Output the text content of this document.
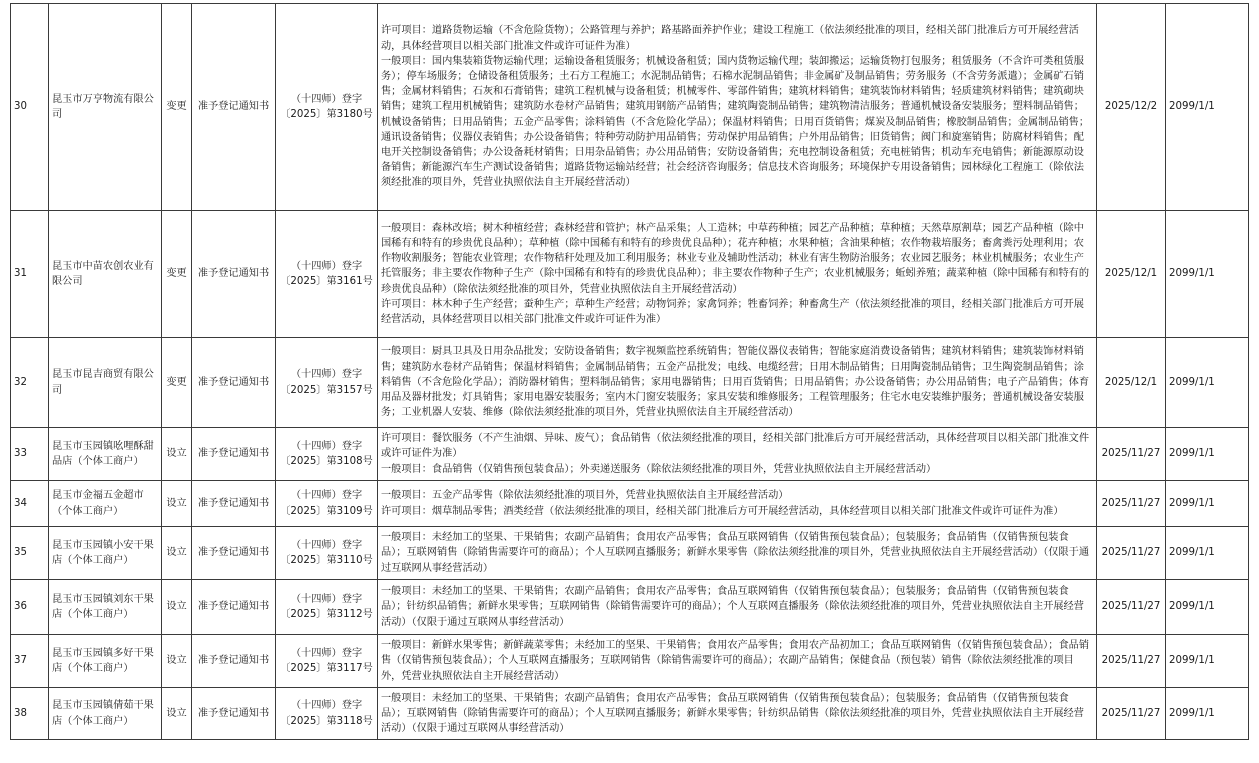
30	昆玉市万亨物流有限公司	变更	准予登记通知书	（十四师）登字〔2025〕第3180号	许可项目：道路货物运输（不含危险货物）；公路管理与养护；路基路面养护作业；建设工程施工（依法须经批准的项目，经相关部门批准后方可开展经营活动，具体经营项目以相关部门批准文件或许可证件为准）
一般项目：国内集装箱货物运输代理；运输设备租赁服务；机械设备租赁；国内货物运输代理；装卸搬运；运输货物打包服务；租赁服务（不含许可类租赁服务）；停车场服务；仓储设备租赁服务；土石方工程施工；水泥制品销售；石棉水泥制品销售；非金属矿及制品销售；劳务服务（不含劳务派遣）；金属矿石销售；金属材料销售；石灰和石膏销售；建筑工程机械与设备租赁；机械零件、零部件销售；建筑材料销售；建筑装饰材料销售；轻质建筑材料销售；建筑砌块销售；建筑工程用机械销售；建筑防水卷材产品销售；建筑用钢筋产品销售；建筑陶瓷制品销售；建筑物清洁服务；普通机械设备安装服务；塑料制品销售；机械设备销售；日用品销售；五金产品零售；涂料销售（不含危险化学品）；保温材料销售；日用百货销售；煤炭及制品销售；橡胶制品销售；金属制品销售；通讯设备销售；仪器仪表销售；办公设备销售；特种劳动防护用品销售；劳动保护用品销售；户外用品销售；旧货销售；阀门和旋塞销售；防腐材料销售；配电开关控制设备销售；办公设备耗材销售；日用杂品销售；办公用品销售；安防设备销售；充电控制设备租赁；充电桩销售；机动车充电销售；新能源原动设备销售；新能源汽车生产测试设备销售；道路货物运输站经营；社会经济咨询服务；信息技术咨询服务；环境保护专用设备销售；园林绿化工程施工（除依法须经批准的项目外，凭营业执照依法自主开展经营活动）	2025/12/2	2099/1/1
31	昆玉市中苗农创农业有限公司	变更	准予登记通知书	（十四师）登字〔2025〕第3161号	一般项目：森林改培；树木种植经营；森林经营和管护；林产品采集；人工造林；中草药种植；园艺产品种植；草种植；天然草原割草；园艺产品种植（除中国稀有和特有的珍贵优良品种）；草种植（除中国稀有和特有的珍贵优良品种）；花卉种植；水果种植；含油果种植；农作物栽培服务；畜禽粪污处理利用；农作物收割服务；智能农业管理；农作物秸秆处理及加工利用服务；林业专业及辅助性活动；林业有害生物防治服务；农业园艺服务；林业机械服务；农业生产托管服务；非主要农作物种子生产（除中国稀有和特有的珍贵优良品种）；非主要农作物种子生产；农业机械服务；蚯蚓养殖；蔬菜种植（除中国稀有和特有的珍贵优良品种）（除依法须经批准的项目外，凭营业执照依法自主开展经营活动）
许可项目：林木种子生产经营；蚕种生产；草种生产经营；动物饲养；家禽饲养；牲畜饲养；种畜禽生产（依法须经批准的项目，经相关部门批准后方可开展经营活动，具体经营项目以相关部门批准文件或许可证件为准）	2025/12/1	2099/1/1
32	昆玉市昆吉商贸有限公司	变更	准予登记通知书	（十四师）登字〔2025〕第3157号	一般项目：厨具卫具及日用杂品批发；安防设备销售；数字视频监控系统销售；智能仪器仪表销售；智能家庭消费设备销售；建筑材料销售；建筑装饰材料销售；建筑防水卷材产品销售；保温材料销售；金属制品销售；五金产品批发；电线、电缆经营；日用木制品销售；日用陶瓷制品销售；卫生陶瓷制品销售；涂料销售（不含危险化学品）；消防器材销售；塑料制品销售；家用电器销售；日用百货销售；日用品销售；办公设备销售；办公用品销售；电子产品销售；体育用品及器材批发；灯具销售；家用电器安装服务；室内木门窗安装服务；家具安装和维修服务；工程管理服务；住宅水电安装维护服务；普通机械设备安装服务；工业机器人安装、维修（除依法须经批准的项目外，凭营业执照依法自主开展经营活动）	2025/12/1	2099/1/1
33	昆玉市玉园镇吆哩酥甜品店（个体工商户）	设立	准予登记通知书	（十四师）登字〔2025〕第3108号	许可项目：餐饮服务（不产生油烟、异味、废气）；食品销售（依法须经批准的项目，经相关部门批准后方可开展经营活动，具体经营项目以相关部门批准文件或许可证件为准）
一般项目：食品销售（仅销售预包装食品）；外卖递送服务（除依法须经批准的项目外，凭营业执照依法自主开展经营活动）	2025/11/27	2099/1/1
34	昆玉市金福五金超市（个体工商户）	设立	准予登记通知书	（十四师）登字〔2025〕第3109号	一般项目：五金产品零售（除依法须经批准的项目外，凭营业执照依法自主开展经营活动）
许可项目：烟草制品零售；酒类经营（依法须经批准的项目，经相关部门批准后方可开展经营活动，具体经营项目以相关部门批准文件或许可证件为准）	2025/11/27	2099/1/1
35	昆玉市玉园镇小安干果店（个体工商户）	设立	准予登记通知书	（十四师）登字〔2025〕第3110号	一般项目：未经加工的坚果、干果销售；农副产品销售；食用农产品零售；食品互联网销售（仅销售预包装食品）；包装服务；食品销售（仅销售预包装食品）；互联网销售（除销售需要许可的商品）；个人互联网直播服务；新鲜水果零售（除依法须经批准的项目外，凭营业执照依法自主开展经营活动）（仅限于通过互联网从事经营活动）	2025/11/27	2099/1/1
36	昆玉市玉园镇刘东干果店（个体工商户）	设立	准予登记通知书	（十四师）登字〔2025〕第3112号	一般项目：未经加工的坚果、干果销售；农副产品销售；食用农产品零售；食品互联网销售（仅销售预包装食品）；包装服务；食品销售（仅销售预包装食品）；针纺织品销售；新鲜水果零售；互联网销售（除销售需要许可的商品）；个人互联网直播服务（除依法须经批准的项目外，凭营业执照依法自主开展经营活动）（仅限于通过互联网从事经营活动）	2025/11/27	2099/1/1
37	昆玉市玉园镇多好干果店（个体工商户）	设立	准予登记通知书	（十四师）登字〔2025〕第3117号	一般项目：新鲜水果零售；新鲜蔬菜零售；未经加工的坚果、干果销售；食用农产品零售；食用农产品初加工；食品互联网销售（仅销售预包装食品）；食品销售（仅销售预包装食品）；个人互联网直播服务；互联网销售（除销售需要许可的商品）；农副产品销售；保健食品（预包装）销售（除依法须经批准的项目外，凭营业执照依法自主开展经营活动）	2025/11/27	2099/1/1
38	昆玉市玉园镇倩茹干果店（个体工商户）	设立	准予登记通知书	（十四师）登字〔2025〕第3118号	一般项目：未经加工的坚果、干果销售；农副产品销售；食用农产品零售；食品互联网销售（仅销售预包装食品）；包装服务；食品销售（仅销售预包装食品）；互联网销售（除销售需要许可的商品）；个人互联网直播服务；新鲜水果零售；针纺织品销售（除依法须经批准的项目外，凭营业执照依法自主开展经营活动）（仅限于通过互联网从事经营活动）	2025/11/27	2099/1/1
